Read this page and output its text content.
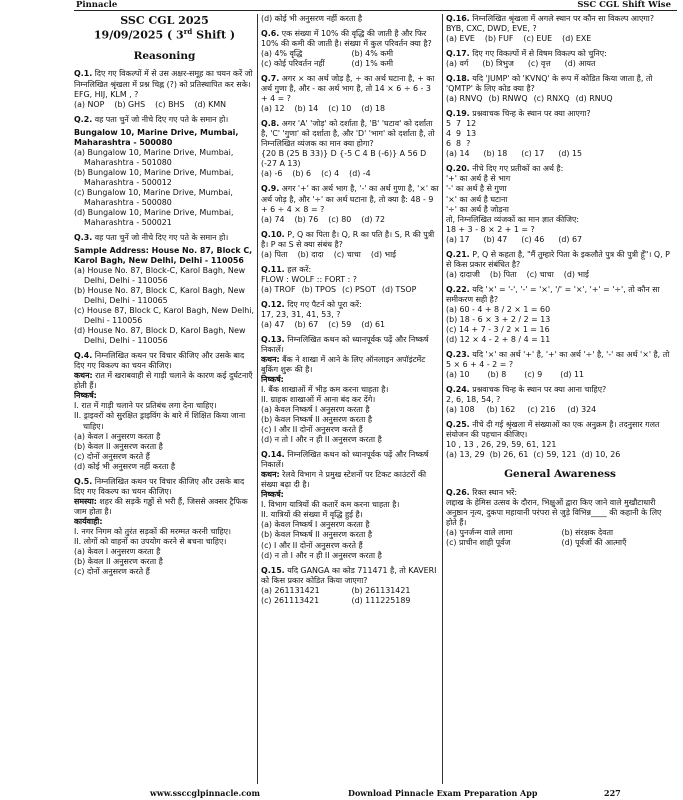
Pinnacle	SSC CGL Shift Wise
SSC CGL 2025
19/09/2025 ( 3rd Shift )
Reasoning
Q.1. दिए गए विकल्पों में से उस अक्षर-समूह का चयन करें जो निम्नलिखित श्रृंखला में प्रश्न चिह्न (?) को प्रतिस्थापित कर सके।
EFG, HIJ, KLM , ?
(a) NOP (b) GHS (c) BHS (d) KMN
Q.2. वह पता चुनें जो नीचे दिए गए पते के समान हो।
Bungalow 10, Marine Drive, Mumbai, Maharashtra - 500080
(a) Bungalow 10, Marine Drive, Mumbai, Maharashtra - 501080
(b) Bungalow 10, Marine Drive, Mumbai, Maharashtra - 500012
(c) Bungalow 10, Marine Drive, Mumbai, Maharashtra - 500080
(d) Bungalow 10, Marine Drive, Mumbai, Maharashtra - 500021
Q.3. वह पता चुनें जो नीचे दिए गए पते के समान हो।
Sample Address: House No. 87, Block C, Karol Bagh, New Delhi, Delhi - 110056
(a) House No. 87, Block-C, Karol Bagh, New Delhi, Delhi - 110056
(b) House No. 87, Block C, Karol Bagh, New Delhi, Delhi - 110065
(c) House 87, Block C, Karol Bagh, New Delhi, Delhi - 110056
(d) House No. 87, Block D, Karol Bagh, New Delhi, Delhi - 110056
Q.4. निम्नलिखित कथन पर विचार कीजिए और उसके बाद दिए गए विकल्प का चयन कीजिए।
कथन: रात में खराबवाही से गाड़ी चलाने के कारण कई दुर्घटनाएँ होती हैं।
निष्कर्ष:
I. रात में गाड़ी चलाने पर प्रतिबंध लगा देना चाहिए।
II. ड्राइवरों को सुरक्षित ड्राइविंग के बारे में शिक्षित किया जाना चाहिए।
(a) केवल I अनुसरण करता है
(b) केवल II अनुसरण करता है
(c) दोनों अनुसरण करते हैं
(d) कोई भी अनुसरण नहीं करता है
Q.5. निम्नलिखित कथन पर विचार कीजिए और उसके बाद दिए गए विकल्प का चयन कीजिए।
समस्या: शहर की सड़कें गड्ढों से भरी हैं, जिससे अक्सर ट्रैफिक जाम होता है।
कार्यवाही:
I. नगर निगम को तुरंत सड़कों की मरम्मत करनी चाहिए।
II. लोगों को वाहनों का उपयोग करने से बचना चाहिए।
(a) केवल I अनुसरण करता है
(b) केवल II अनुसरण करता है
(c) दोनों अनुसरण करते हैं
(d) कोई भी अनुसरण नहीं करता है
Q.6. एक संख्या में 10% की वृद्धि की जाती है और फिर 10% की कमी की जाती है। संख्या में कुल परिवर्तन क्या है?
(a) 4% वृद्धि	(b) 4% कमी
(c) कोई परिवर्तन नहीं	(d) 1% कमी
Q.7. अगर × का अर्थ जोड़ है, ÷ का अर्थ घटाना है, + का अर्थ गुणा है, और - का अर्थ भाग है, तो 14 × 6 ÷ 6 - 3 + 4 = ?
(a) 12 (b) 14 (c) 10 (d) 18
Q.8. अगर 'A' 'जोड़' को दर्शाता है, 'B' 'घटाव' को दर्शाता है, 'C' 'गुणा' को दर्शाता है, और 'D' 'भाग' को दर्शाता है, तो निम्नलिखित व्यंजक का मान क्या होगा?
{20 B (25 B 33)} D {-5 C 4 B (-6)} A 56 D (-27 A 13)
(a) -6 (b) 6 (c) 4 (d) -4
Q.9. अगर '+' का अर्थ भाग है, '-' का अर्थ गुणा है, '×' का अर्थ जोड़ है, और '÷' का अर्थ घटाना है, तो क्या है: 48 - 9 + 6 ÷ 4 × 8 = ?
(a) 74 (b) 76 (c) 80 (d) 72
Q.10. P, Q का पिता है। Q, R का पति है। S, R की पुत्री है। P का S से क्या संबंध है?
(a) पिता (b) दादा (c) चाचा (d) भाई
Q.11. हल करें:
FLOW : WOLF :: FORT : ?
(a) TROF (b) TPOS (c) PSOT (d) TSOP
Q.12. दिए गए पैटर्न को पूरा करें:
17, 23, 31, 41, 53, ?
(a) 47 (b) 67 (c) 59 (d) 61
Q.13. निम्नलिखित कथन को ध्यानपूर्वक पढ़ें और निष्कर्ष निकालें।
कथन: बैंक ने शाखा में आने के लिए ऑनलाइन अपॉइंटमेंट बुकिंग शुरू की है।
निष्कर्ष:
I. बैंक शाखाओं में भीड़ कम करना चाहता है।
II. ग्राहक शाखाओं में आना बंद कर देंगे।
(a) केवल निष्कर्ष I अनुसरण करता है
(b) केवल निष्कर्ष II अनुसरण करता है
(c) I और II दोनों अनुसरण करते हैं
(d) न तो I और न ही II अनुसरण करता है
Q.14. निम्नलिखित कथन को ध्यानपूर्वक पढ़ें और निष्कर्ष निकालें।
कथन: रेलवे विभाग ने प्रमुख स्टेशनों पर टिकट काउंटरों की संख्या बढ़ा दी है।
निष्कर्ष:
I. विभाग यात्रियों की कतारें कम करना चाहता है।
II. यात्रियों की संख्या में वृद्धि हुई है।
(a) केवल निष्कर्ष I अनुसरण करता है
(b) केवल निष्कर्ष II अनुसरण करता है
(c) I और II दोनों अनुसरण करते हैं
(d) न तो I और न ही II अनुसरण करता है
Q.15. यदि GANGA का कोड 711471 है, तो KAVERI को किस प्रकार कोडित किया जाएगा?
(a) 261131421	(b) 261131421
(c) 261113421	(d) 111225189
Q.16. निम्नलिखित श्रृंखला में अगले स्थान पर कौन सा विकल्प आएगा?
BYB, CXC, DWD, EVE, ?
(a) EVE (b) FUF (c) EUE (d) EXE
Q.17. दिए गए विकल्पों में से विषम विकल्प को चुनिए:
(a) वर्ग (b) त्रिभुज (c) वृत्त (d) आयत
Q.18. यदि 'JUMP' को 'KVNQ' के रूप में कोडित किया जाता है, तो 'QMTP' के लिए कोड क्या है?
(a) RNVQ (b) RNWQ (c) RNXQ (d) RNUQ
Q.19. प्रश्नवाचक चिन्ह के स्थान पर क्या आएगा?
5  7  12
4  9  13
6  8  ?
(a) 14 (b) 18 (c) 17 (d) 15
Q.20. नीचे दिए गए प्रतीकों का अर्थ है:
'+' का अर्थ है से भाग
'-' का अर्थ है से गुणा
'×' का अर्थ है घटाना
'÷' का अर्थ है जोड़ना
तो, निम्नलिखित व्यंजकों का मान ज्ञात कीजिए:
18 + 3 - 8 × 2 + 1 = ?
(a) 17 (b) 47 (c) 46 (d) 67
Q.21. P, Q से कहता है, "मैं तुम्हारे पिता के इकलौते पुत्र की पुत्री हूँ"। Q, P से किस प्रकार संबंधित है?
(a) दादाजी (b) पिता (c) चाचा (d) भाई
Q.22. यदि '×' = '-', '-' = '×', '/' = '×', '+' = '÷', तो कौन सा समीकरण सही है?
(a) 60 - 4 + 8 / 2 × 1 = 60
(b) 18 - 6 × 3 + 2 / 2 = 13
(c) 14 + 7 - 3 / 2 × 1 = 16
(d) 12 × 4 - 2 + 8 / 4 = 11
Q.23. यदि '×' का अर्थ '+' है, '+' का अर्थ '÷' है, '-' का अर्थ '×' है, तो 5 × 6 + 4 - 2 = ?
(a) 10 (b) 8 (c) 9 (d) 11
Q.24. प्रश्नवाचक चिन्ह के स्थान पर क्या आना चाहिए?
2, 6, 18, 54, ?
(a) 108 (b) 162 (c) 216 (d) 324
Q.25. नीचे दी गई श्रृंखला में संख्याओं का एक अनुक्रम है। तदनुसार गलत संयोजन की पहचान कीजिए।
10 , 13 , 26, 29, 59, 61, 121
(a) 13, 29 (b) 26, 61 (c) 59, 121 (d) 10, 26
General Awareness
Q.26. रिक्त स्थान भरें:
लद्दाख के हेमिस उत्सव के दौरान, भिक्षुओं द्वारा किए जाने वाले मुखौटाधारी अनुष्ठान नृत्य, दुकपा महायानी परंपरा से जुड़े विभिन्न____ की कहानी के लिए होते हैं।
(a) पुनर्जन्म वाले लामा	(b) संरक्षक देवता
(c) प्राचीन शाही पूर्वज	(d) पूर्वजों की आत्माएँ
www.ssccglpinnacle.com	Download Pinnacle Exam Preparation App	227
